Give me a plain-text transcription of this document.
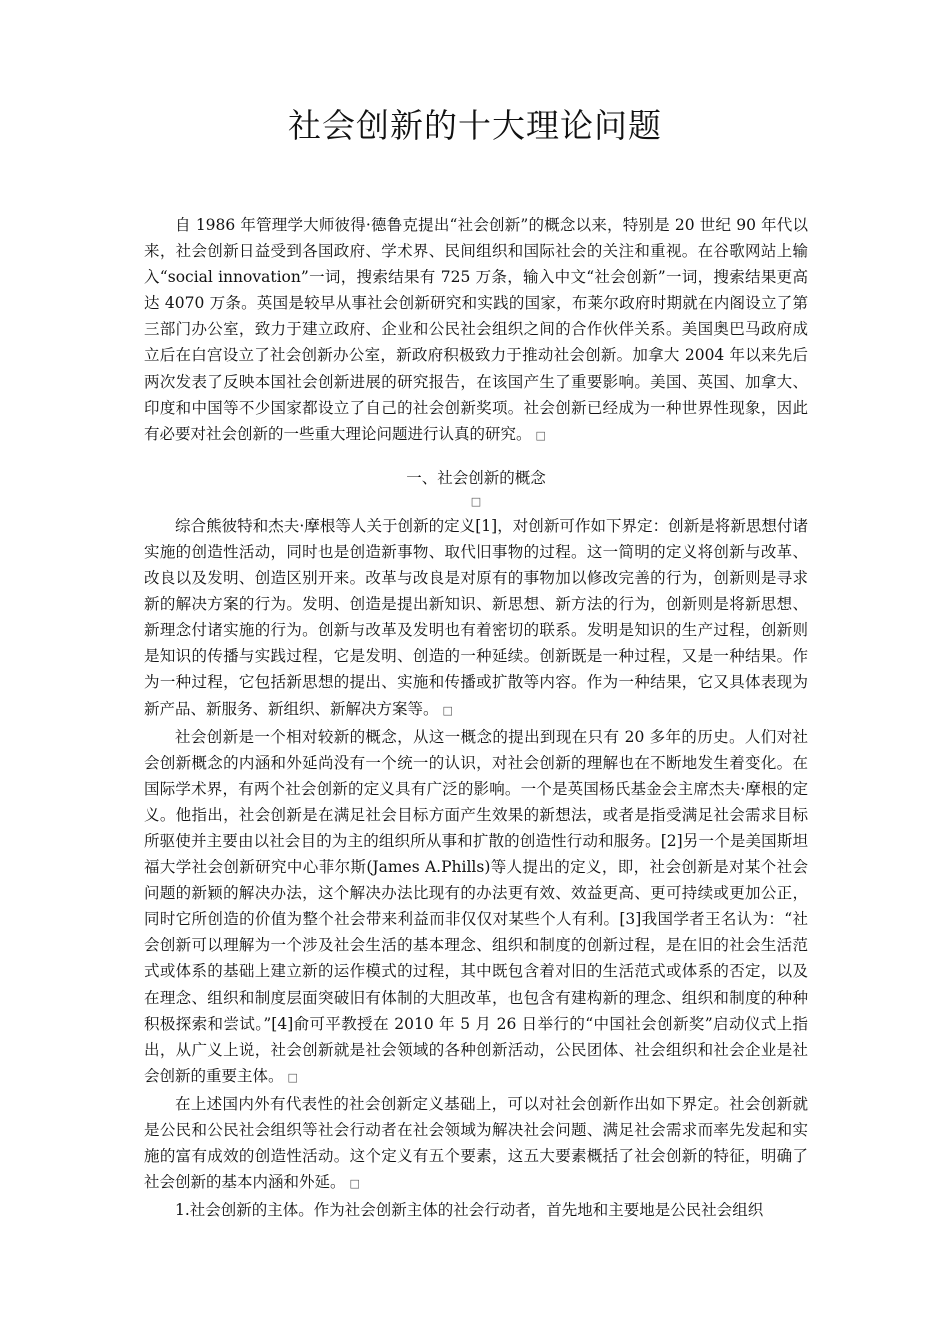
社会创新的十大理论问题

自 1986 年管理学大师彼得·德鲁克提出“社会创新”的概念以来，特别是 20 世纪 90 年代以来，社会创新日益受到各国政府、学术界、民间组织和国际社会的关注和重视。在谷歌网站上输入“social innovation”一词，搜索结果有 725 万条，输入中文“社会创新”一词，搜索结果更高达 4070 万条。英国是较早从事社会创新研究和实践的国家，布莱尔政府时期就在内阁设立了第三部门办公室，致力于建立政府、企业和公民社会组织之间的合作伙伴关系。美国奥巴马政府成立后在白宫设立了社会创新办公室，新政府积极致力于推动社会创新。加拿大 2004 年以来先后两次发表了反映本国社会创新进展的研究报告，在该国产生了重要影响。美国、英国、加拿大、印度和中国等不少国家都设立了自己的社会创新奖项。社会创新已经成为一种世界性现象，因此有必要对社会创新的一些重大理论问题进行认真的研究。 □

一、社会创新的概念

□

综合熊彼特和杰夫·摩根等人关于创新的定义[1]，对创新可作如下界定：创新是将新思想付诸实施的创造性活动，同时也是创造新事物、取代旧事物的过程。这一简明的定义将创新与改革、改良以及发明、创造区别开来。改革与改良是对原有的事物加以修改完善的行为，创新则是寻求新的解决方案的行为。发明、创造是提出新知识、新思想、新方法的行为，创新则是将新思想、新理念付诸实施的行为。创新与改革及发明也有着密切的联系。发明是知识的生产过程，创新则是知识的传播与实践过程，它是发明、创造的一种延续。创新既是一种过程，又是一种结果。作为一种过程，它包括新思想的提出、实施和传播或扩散等内容。作为一种结果，它又具体表现为新产品、新服务、新组织、新解决方案等。 □

社会创新是一个相对较新的概念，从这一概念的提出到现在只有 20 多年的历史。人们对社会创新概念的内涵和外延尚没有一个统一的认识，对社会创新的理解也在不断地发生着变化。在国际学术界，有两个社会创新的定义具有广泛的影响。一个是英国杨氏基金会主席杰夫·摩根的定义。他指出，社会创新是在满足社会目标方面产生效果的新想法，或者是指受满足社会需求目标所驱使并主要由以社会目的为主的组织所从事和扩散的创造性行动和服务。[2]另一个是美国斯坦福大学社会创新研究中心菲尔斯(James A.Phills)等人提出的定义，即，社会创新是对某个社会问题的新颖的解决办法，这个解决办法比现有的办法更有效、效益更高、更可持续或更加公正，同时它所创造的价值为整个社会带来利益而非仅仅对某些个人有利。[3]我国学者王名认为：“社会创新可以理解为一个涉及社会生活的基本理念、组织和制度的创新过程，是在旧的社会生活范式或体系的基础上建立新的运作模式的过程，其中既包含着对旧的生活范式或体系的否定，以及在理念、组织和制度层面突破旧有体制的大胆改革，也包含有建构新的理念、组织和制度的种种积极探索和尝试。”[4]俞可平教授在 2010 年 5 月 26 日举行的“中国社会创新奖”启动仪式上指出，从广义上说，社会创新就是社会领域的各种创新活动，公民团体、社会组织和社会企业是社会创新的重要主体。 □

在上述国内外有代表性的社会创新定义基础上，可以对社会创新作出如下界定。社会创新就是公民和公民社会组织等社会行动者在社会领域为解决社会问题、满足社会需求而率先发起和实施的富有成效的创造性活动。这个定义有五个要素，这五大要素概括了社会创新的特征，明确了社会创新的基本内涵和外延。 □

1.社会创新的主体。作为社会创新主体的社会行动者，首先地和主要地是公民社会组织
